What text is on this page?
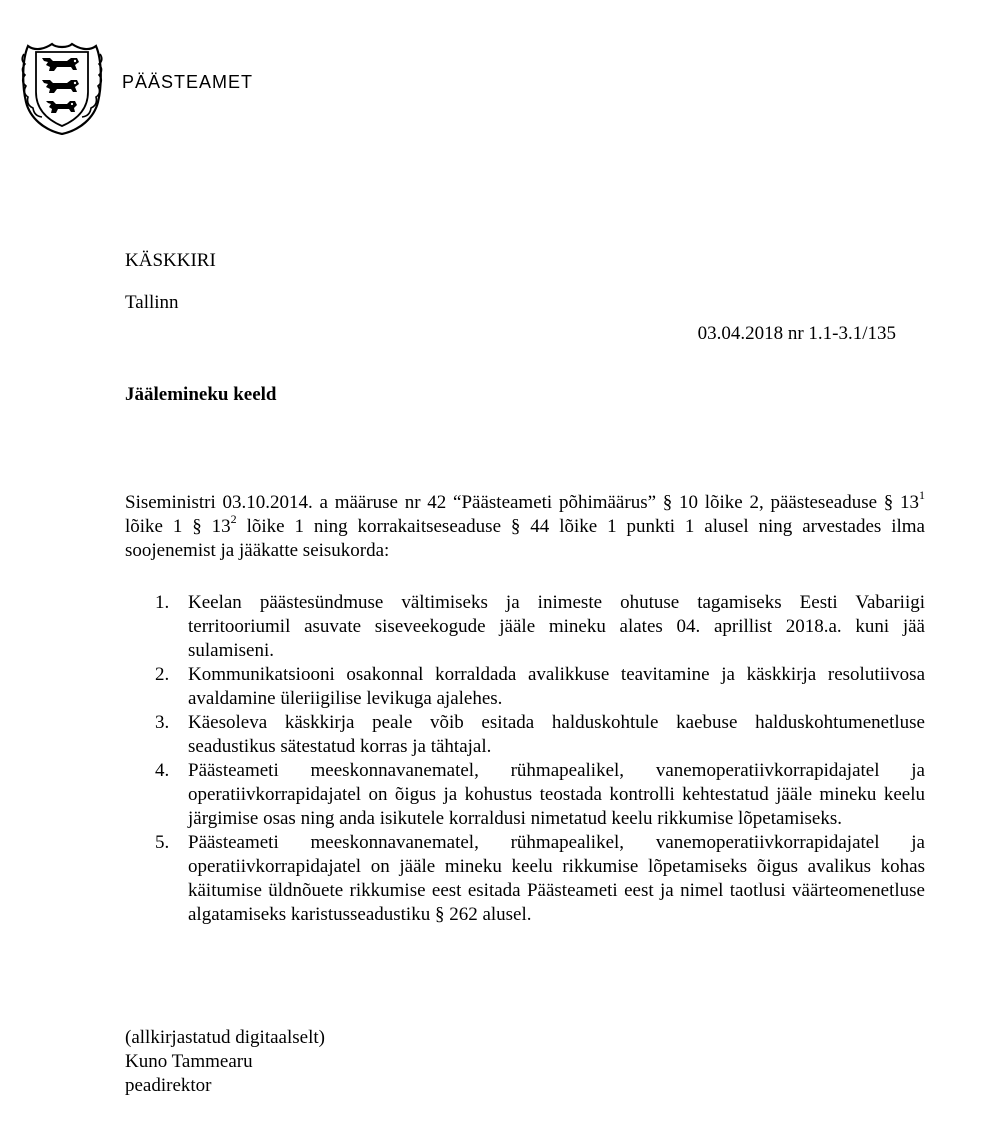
PÄÄSTEAMET
KÄSKKIRI
Tallinn
03.04.2018 nr 1.1-3.1/135
Jäälemineku keeld
Siseministri 03.10.2014. a määruse nr 42 “Päästeameti põhimäärus” § 10 lõike 2, päästeseaduse § $13^1$  lõike 1 § $13^2$ lõike 1 ning korrakaitseseaduse § 44 lõike 1 punkti 1 alusel ning arvestades ilma soojenemist ja jääkatte seisukorda:
1. Keelan päästesündmuse vältimiseks ja inimeste ohutuse tagamiseks Eesti Vabariigi territooriumil asuvate siseveekogude jääle mineku alates 04. aprillist 2018.a. kuni jää sulamiseni.
2. Kommunikatsiooni osakonnal korraldada avalikkuse teavitamine ja käskkirja resolutiivosa avaldamine üleriigilise levikuga ajalehes.
3. Käesoleva käskkirja peale võib esitada halduskohtule kaebuse halduskohtumenetluse seadustikus sätestatud korras ja tähtajal.
4. Päästeameti meeskonnavanematel, rühmapealikel, vanemoperatiivkorrapidajatel ja operatiivkorrapidajatel on õigus ja kohustus teostada kontrolli kehtestatud jääle mineku keelu järgimise osas ning anda isikutele korraldusi nimetatud keelu rikkumise lõpetamiseks.
5. Päästeameti meeskonnavanematel, rühmapealikel, vanemoperatiivkorrapidajatel ja operatiivkorrapidajatel on jääle mineku keelu rikkumise lõpetamiseks õigus avalikus kohas käitumise üldnõuete rikkumise eest esitada Päästeameti eest ja nimel taotlusi väärteomenetluse algatamiseks karistusseadustiku § 262 alusel.
(allkirjastatud digitaalselt)
Kuno Tammearu
peadirektor
